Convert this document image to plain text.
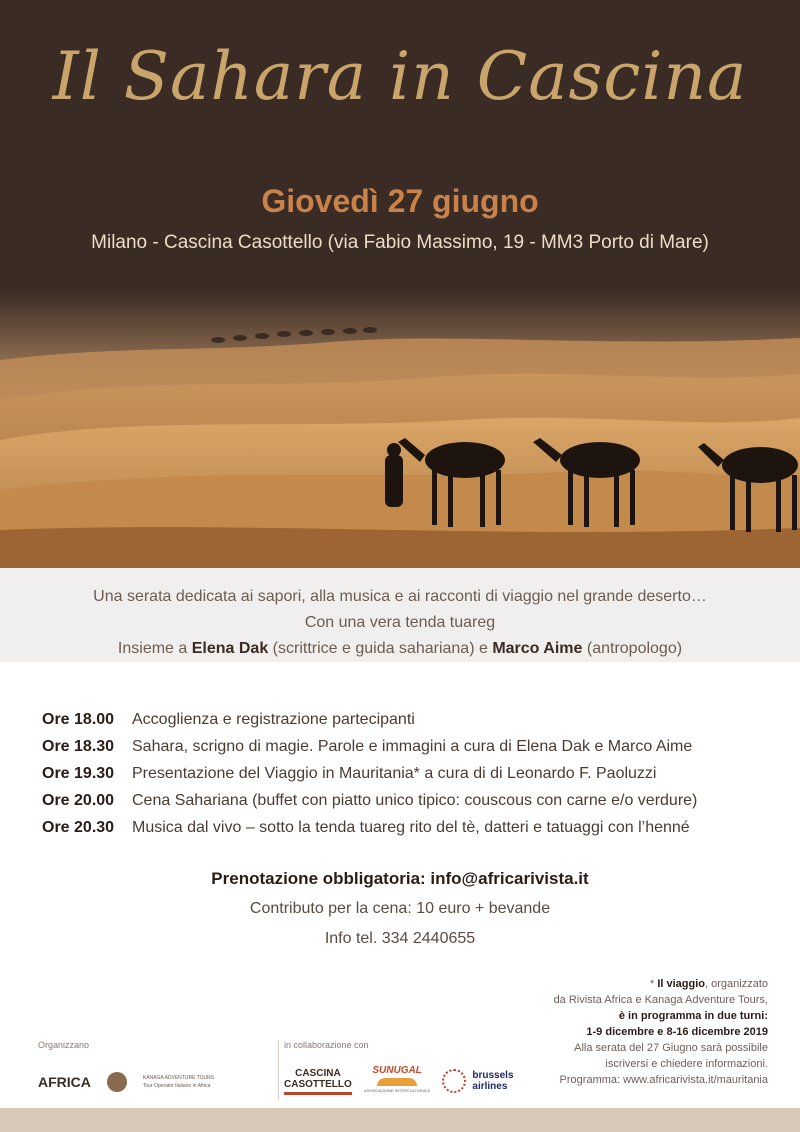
Il Sahara in Cascina
Giovedì 27 giugno
Milano - Cascina Casottello (via Fabio Massimo, 19 - MM3 Porto di Mare)
Una serata dedicata ai sapori, alla musica e ai racconti di viaggio nel grande deserto…
Con una vera tenda tuareg
Insieme a Elena Dak (scrittrice e guida sahariana) e Marco Aime (antropologo)
Ore 18.00 Accoglienza e registrazione partecipanti
Ore 18.30 Sahara, scrigno di magie. Parole e immagini a cura di Elena Dak e Marco Aime
Ore 19.30 Presentazione del Viaggio in Mauritania* a cura di di Leonardo F. Paoluzzi
Ore 20.00 Cena Sahariana (buffet con piatto unico tipico: couscous con carne e/o verdure)
Ore 20.30 Musica dal vivo – sotto la tenda tuareg rito del tè, datteri e tatuaggi con l’henné
Prenotazione obbligatoria: info@africarivista.it
Contributo per la cena: 10 euro + bevande
Info tel. 334 2440655
* Il viaggio, organizzato
da Rivista Africa e Kanaga Adventure Tours,
è in programma in due turni:
1-9 dicembre e 8-16 dicembre 2019
Alla serata del 27 Giugno sarà possibile
iscriversi e chiedere informazioni.
Programma: www.africarivista.it/mauritania
Organizzano
AFRICA	KANAGA ADVENTURE TOURS
Tour Operator Italiano in Africa
in collaborazione con
CASCINA
CASOTTELLO
SUNUGAL
ASSOCIAZIONE INTERCULTURALE
brussels
airlines
